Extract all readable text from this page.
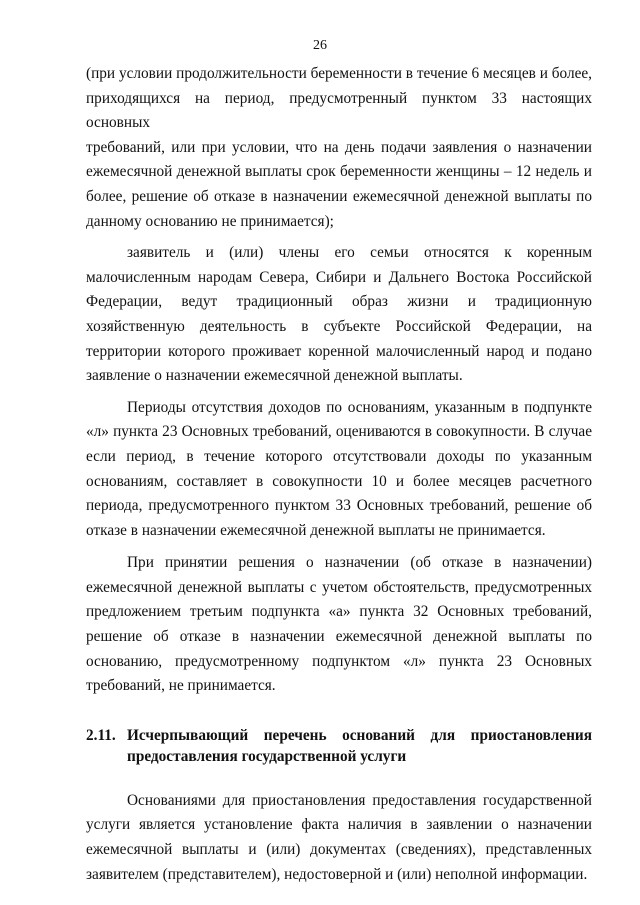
26

(при условии продолжительности беременности в течение 6 месяцев и более,
приходящихся на период, предусмотренный пунктом 33 настоящих основных
требований, или при условии, что на день подачи заявления о назначении
ежемесячной денежной выплаты срок беременности женщины – 12 недель и
более, решение об отказе в назначении ежемесячной денежной выплаты по
данному основанию не принимается);

заявитель и (или) члены его семьи относятся к коренным
малочисленным народам Севера, Сибири и Дальнего Востока Российской
Федерации, ведут традиционный образ жизни и традиционную
хозяйственную деятельность в субъекте Российской Федерации, на
территории которого проживает коренной малочисленный народ и подано
заявление о назначении ежемесячной денежной выплаты.

Периоды отсутствия доходов по основаниям, указанным в подпункте
«л» пункта 23 Основных требований, оцениваются в совокупности. В случае
если период, в течение которого отсутствовали доходы по указанным
основаниям, составляет в совокупности 10 и более месяцев расчетного
периода, предусмотренного пунктом 33 Основных требований, решение об
отказе в назначении ежемесячной денежной выплаты не принимается.

При принятии решения о назначении (об отказе в назначении)
ежемесячной денежной выплаты с учетом обстоятельств, предусмотренных
предложением третьим подпункта «а» пункта 32 Основных требований,
решение об отказе в назначении ежемесячной денежной выплаты по
основанию, предусмотренному подпунктом «л» пункта 23 Основных
требований, не принимается.

2.11. Исчерпывающий перечень оснований для приостановления
предоставления государственной услуги

Основаниями для приостановления предоставления государственной
услуги является установление факта наличия в заявлении о назначении
ежемесячной выплаты и (или) документах (сведениях), представленных
заявителем (представителем), недостоверной и (или) неполной информации.
